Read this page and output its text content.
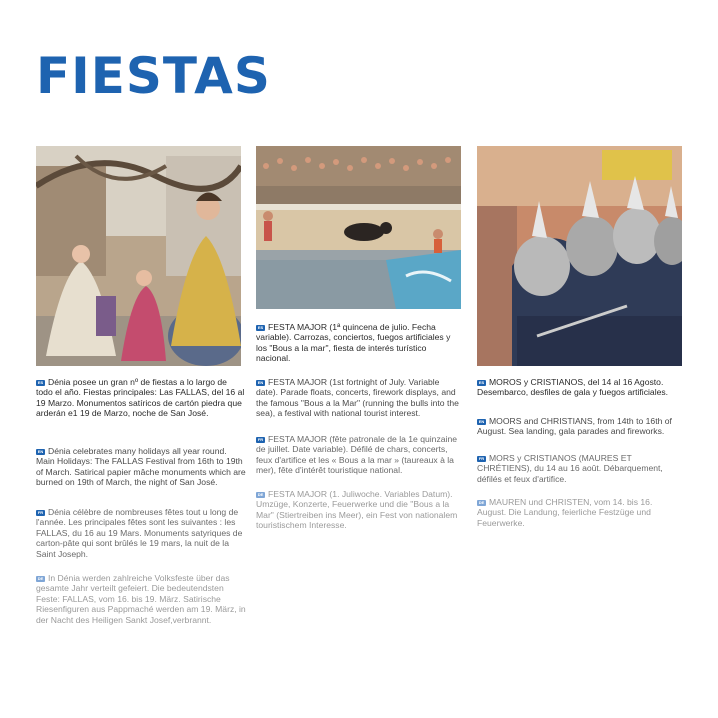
FIESTAS

ES Dénia posee un gran nº de fiestas a lo largo de todo el año. Fiestas principales: Las FALLAS, del 16 al 19 Marzo. Monumentos satíricos de cartón piedra que arderán e1 19 de Marzo, noche de San José.

EN Dénia celebrates many holidays all year round. Main Holidays: The FALLAS Festival from 16th to 19th of March. Satirical papier mâche monuments which are burned on 19th of March, the night of San José.

FR Dénia célèbre de nombreuses fêtes tout u long de l'année. Les principales fêtes sont les suivantes : les FALLAS, du 16 au 19 Mars. Monuments satyriques de carton-pâte qui sont brûlés le 19 mars, la nuit de la Saint Joseph.

DE In Dénia werden zahlreiche Volksfeste über das gesamte Jahr verteilt gefeiert. Die bedeutendsten Feste: FALLAS, vom 16. bis 19. März. Satirische Riesenfiguren aus Pappmaché werden am 19. März, in der Nacht des Heiligen Sankt Josef,verbrannt.

ES FESTA MAJOR (1ª quincena de julio. Fecha variable). Carrozas, conciertos, fuegos artificiales y los "Bous a la mar", fiesta de interés turístico nacional.

EN FESTA MAJOR (1st fortnight of July. Variable date). Parade floats, concerts, firework displays, and the famous "Bous a la Mar" (running the bulls into the sea), a festival with national tourist interest.

FR FESTA MAJOR (fête patronale de la 1e quinzaine de juillet. Date variable). Défilé de chars, concerts, feux d'artifice et les « Bous a la mar » (taureaux à la mer), fête d'intérêt touristique national.

DE FESTA MAJOR (1. Juliwoche. Variables Datum). Umzüge, Konzerte, Feuerwerke und die "Bous a la Mar" (Stiertreiben ins Meer), ein Fest von nationalem touristischem Interesse.

ES MOROS y CRISTIANOS, del 14 al 16 Agosto. Desembarco, desfiles de gala y fuegos artificiales.

EN MOORS and CHRISTIANS, from 14th to 16th of August. Sea landing, gala parades and fireworks.

FR MORS y CRISTIANOS (MAURES ET CHRÉTIENS), du 14 au 16 août. Débarquement, défilés et feux d'artifice.

DE MAUREN und CHRISTEN, vom 14. bis 16. August. Die Landung, feierliche Festzüge und Feuerwerke.
